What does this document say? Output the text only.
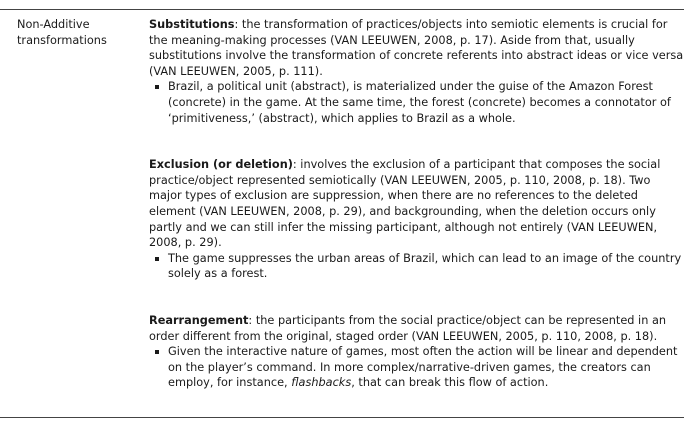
Non-Additive
transformations

Substitutions: the transformation of practices/objects into semiotic elements is crucial for the meaning-making processes (VAN LEEUWEN, 2008, p. 17). Aside from that, usually substitutions involve the transformation of concrete referents into abstract ideas or vice versa (VAN LEEUWEN, 2005, p. 111).

Brazil, a political unit (abstract), is materialized under the guise of the Amazon Forest (concrete) in the game. At the same time, the forest (concrete) becomes a connotator of ‘primitiveness,’ (abstract), which applies to Brazil as a whole.

Exclusion (or deletion): involves the exclusion of a participant that composes the social practice/object represented semiotically (VAN LEEUWEN, 2005, p. 110, 2008, p. 18). Two major types of exclusion are suppression, when there are no references to the deleted element (VAN LEEUWEN, 2008, p. 29), and backgrounding, when the deletion occurs only partly and we can still infer the missing participant, although not entirely (VAN LEEUWEN, 2008, p. 29).

The game suppresses the urban areas of Brazil, which can lead to an image of the country solely as a forest.

Rearrangement: the participants from the social practice/object can be represented in an order different from the original, staged order (VAN LEEUWEN, 2005, p. 110, 2008, p. 18).

Given the interactive nature of games, most often the action will be linear and dependent on the player’s command. In more complex/narrative-driven games, the creators can employ, for instance, flashbacks, that can break this flow of action.
